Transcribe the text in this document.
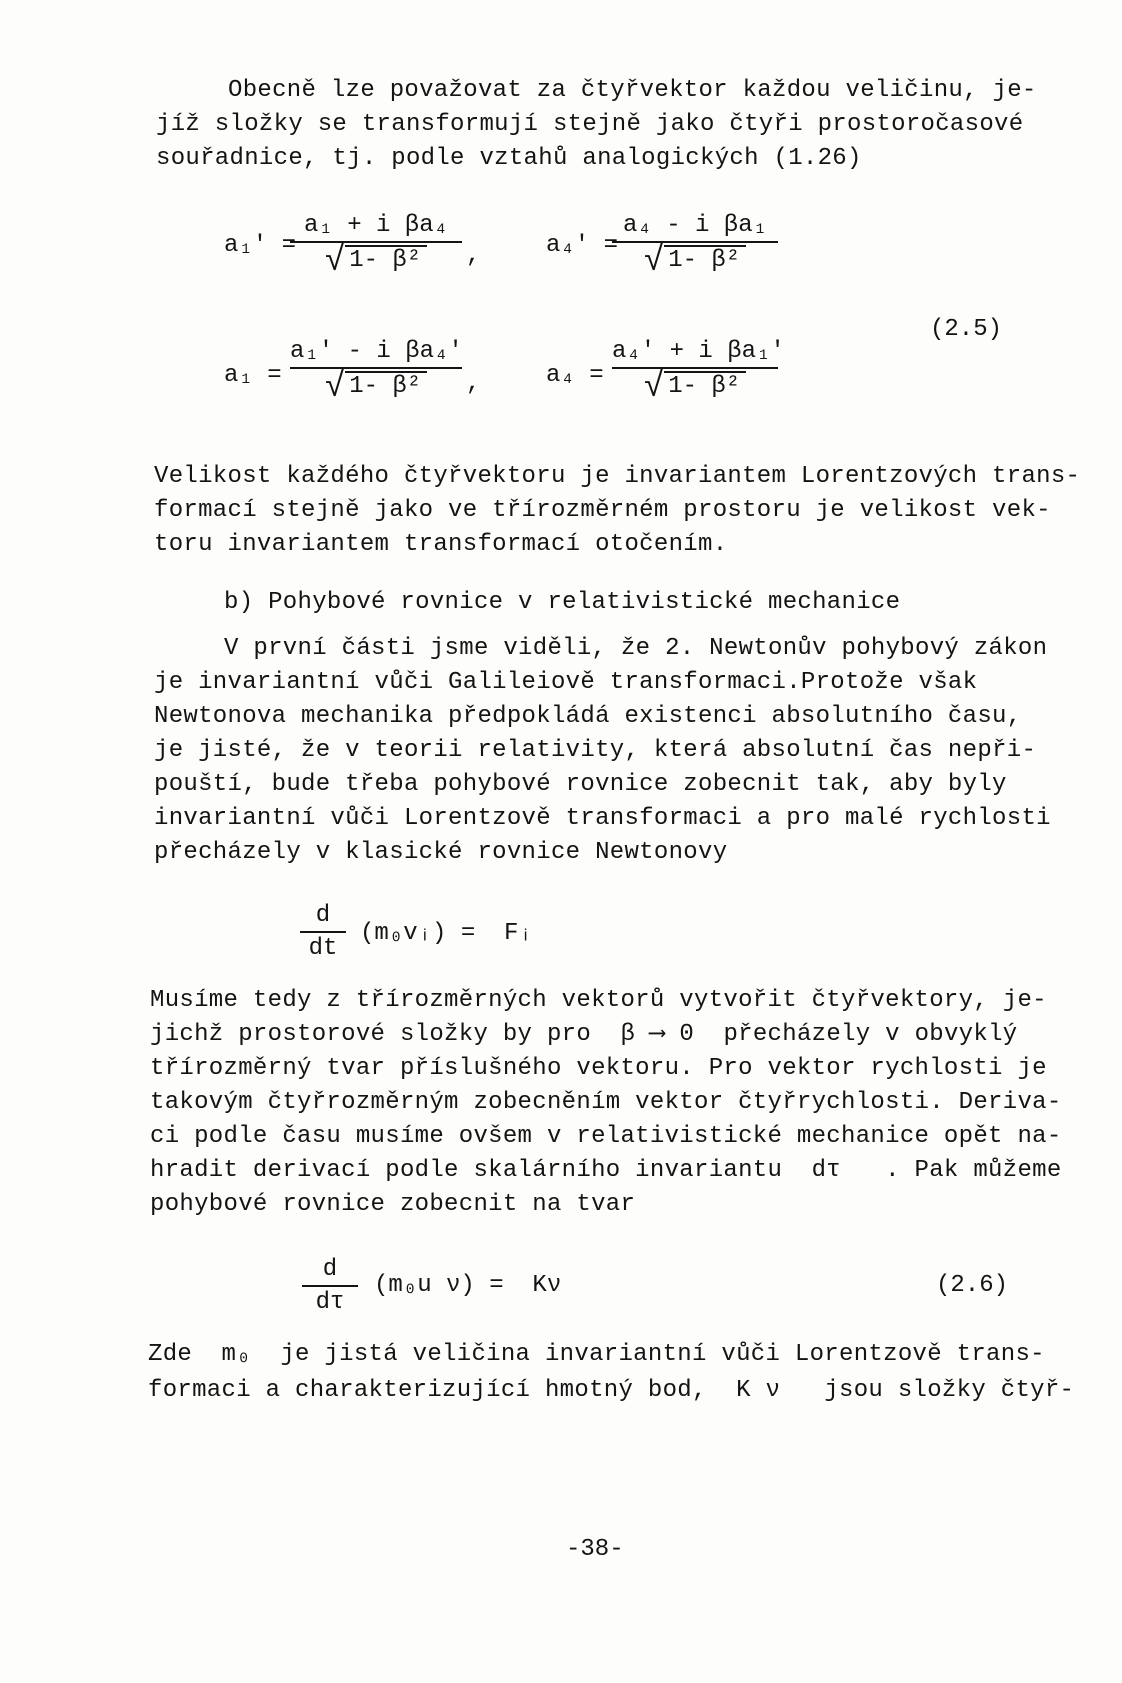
Obecně lze považovat za čtyřvektor každou veličinu, je-
jíž složky se transformují stejně jako čtyři prostoročasové
souřadnice, tj. podle vztahů analogických (1.26)
a₁′ =
a₁ + i βa₄
√ 1- β²	,	a₄′ =
a₄ - i βa₁
√ 1- β²
(2.5)
a₁ =
a₁′ - i βa₄′
√ 1- β²	,	a₄ =
a₄′ + i βa₁′
√ 1- β²
Velikost každého čtyřvektoru je invariantem Lorentzových trans-
formací stejně jako ve třírozměrném prostoru je velikost vek-
toru invariantem transformací otočením.
b) Pohybové rovnice v relativistické mechanice
V první části jsme viděli, že 2. Newtonův pohybový zákon
je invariantní vůči Galileiově transformaci.Protože však
Newtonova mechanika předpokládá existenci absolutního času,
je jisté, že v teorii relativity, která absolutní čas nepři-
pouští, bude třeba pohybové rovnice zobecnit tak, aby byly
invariantní vůči Lorentzově transformaci a pro malé rychlosti
přecházely v klasické rovnice Newtonovy
d
dt
(m₀vᵢ) =  Fᵢ
Musíme tedy z třírozměrných vektorů vytvořit čtyřvektory, je-
jichž prostorové složky by pro  β ⟶ 0  přecházely v obvyklý
třírozměrný tvar příslušného vektoru. Pro vektor rychlosti je
takovým čtyřrozměrným zobecněním vektor čtyřrychlosti. Deriva-
ci podle času musíme ovšem v relativistické mechanice opět na-
hradit derivací podle skalárního invariantu  dτ   . Pak můžeme
pohybové rovnice zobecnit na tvar
d
dτ
(m₀u ν) =  Kν	(2.6)
Zde  m₀  je jistá veličina invariantní vůči Lorentzově trans-
formaci a charakterizující hmotný bod,  K ν   jsou složky čtyř-
-38-
